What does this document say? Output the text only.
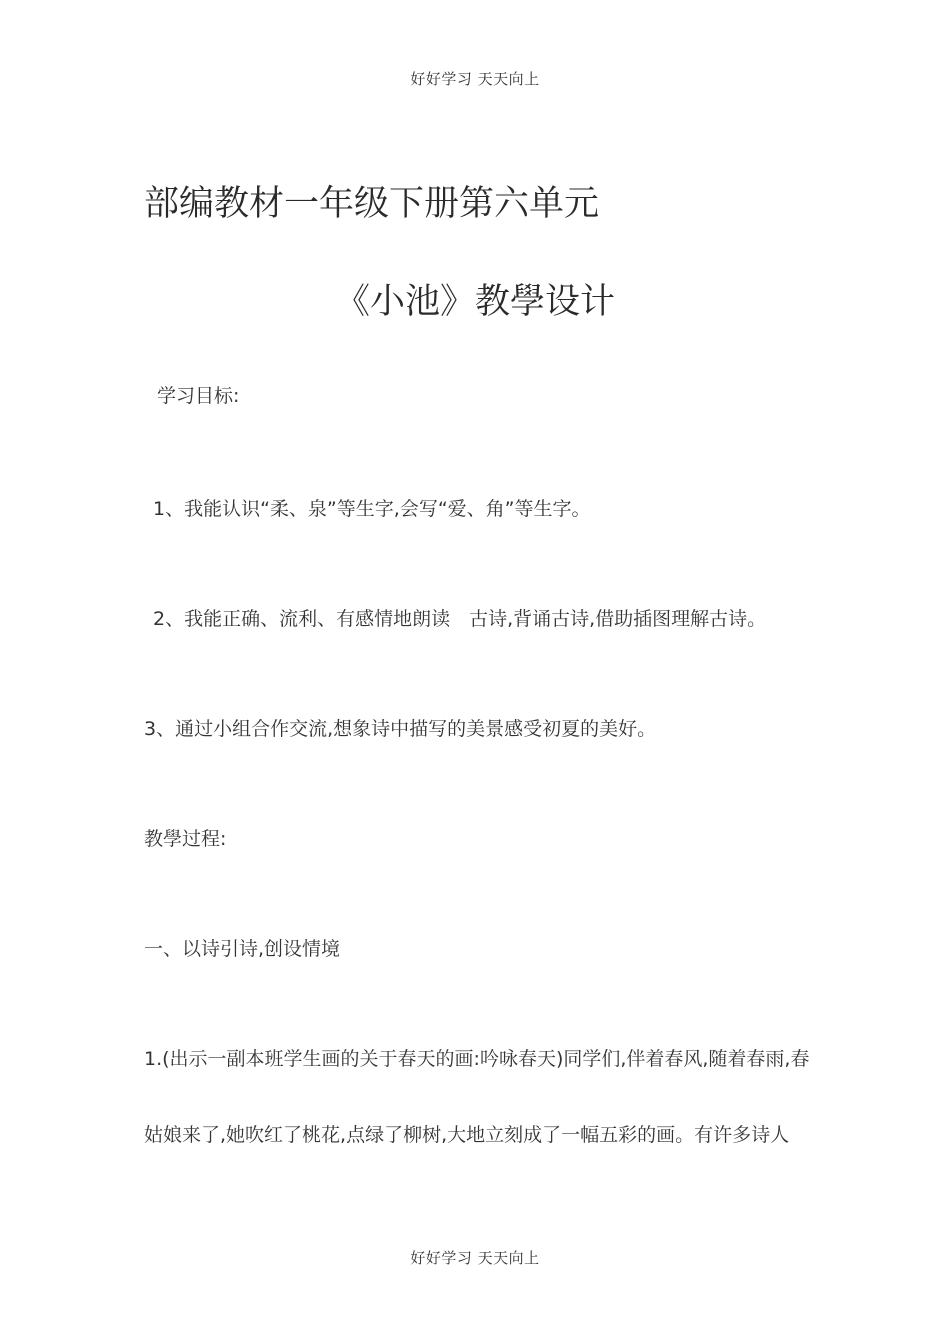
好好学习 天天向上
部编教材一年级下册第六单元
《小池》教學设计
学习目标:
1、我能认识“柔、泉”等生字,会写“爱、角”等生字。
2、我能正确、流利、有感情地朗读　古诗,背诵古诗,借助插图理解古诗。
3、通过小组合作交流,想象诗中描写的美景感受初夏的美好。
教學过程:
一、以诗引诗,创设情境
1.(出示一副本班学生画的关于春天的画:吟咏春天)同学们,伴着春风,随着春雨,春
姑娘来了,她吹红了桃花,点绿了柳树,大地立刻成了一幅五彩的画。有许多诗人
好好学习 天天向上
